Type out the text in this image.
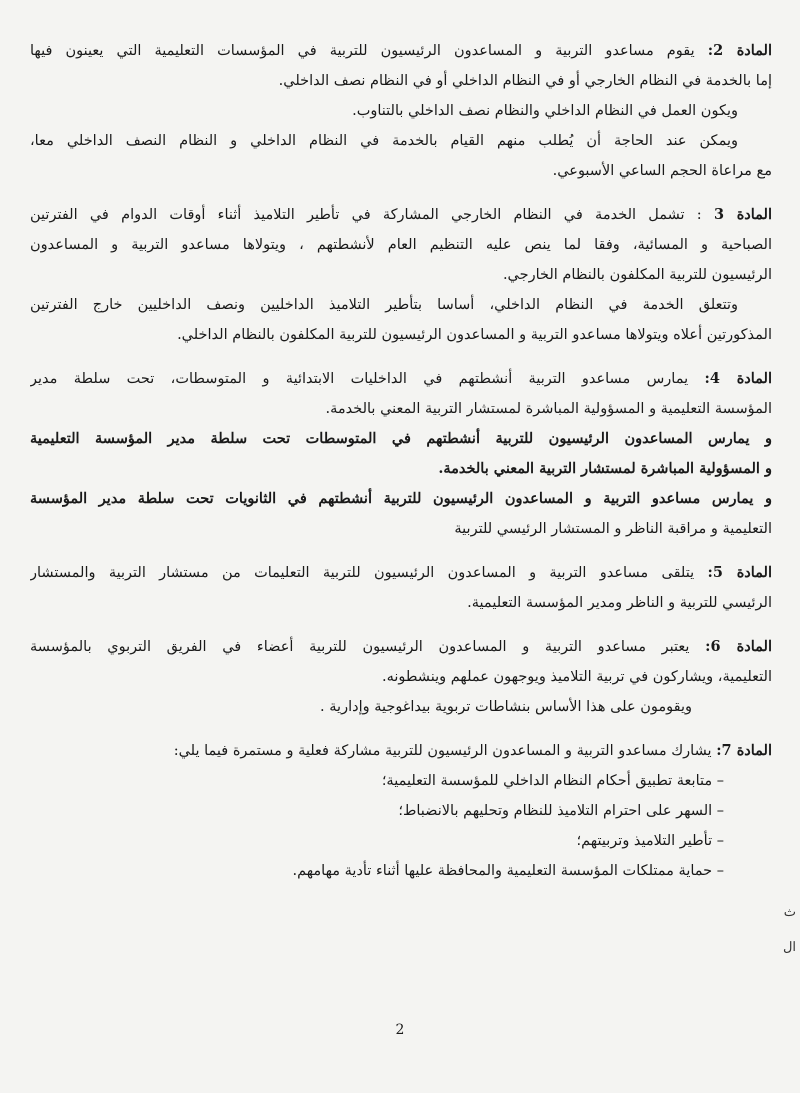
المادة 2: يقوم مساعدو التربية و المساعدون الرئيسيون للتربية في المؤسسات التعليمية التي يعينون فيها
إما بالخدمة في النظام الخارجي أو في النظام الداخلي أو في النظام نصف الداخلي.
ويكون العمل في النظام الداخلي والنظام نصف الداخلي بالتناوب.
ويمكن عند الحاجة أن يُطلب منهم القيام بالخدمة في النظام الداخلي و النظام النصف الداخلي معا،
مع مراعاة الحجم الساعي الأسبوعي.
المادة 3 : تشمل الخدمة في النظام الخارجي المشاركة في تأطير التلاميذ أثناء أوقات الدوام في الفترتين
الصباحية و المسائية، وفقا لما ينص عليه التنظيم العام لأنشطتهم ، ويتولاها مساعدو التربية و المساعدون
الرئيسيون للتربية المكلفون بالنظام الخارجي.
وتتعلق الخدمة في النظام الداخلي، أساسا بتأطير التلاميذ الداخليين ونصف الداخليين خارج الفترتين
المذكورتين أعلاه ويتولاها مساعدو التربية و المساعدون الرئيسيون للتربية المكلفون بالنظام الداخلي.
المادة 4: يمارس مساعدو التربية أنشطتهم في الداخليات الابتدائية و المتوسطات، تحت سلطة مدير
المؤسسة التعليمية و المسؤولية المباشرة لمستشار التربية المعني بالخدمة.
و يمارس المساعدون الرئيسيون للتربية أنشطتهم في المتوسطات تحت سلطة مدير المؤسسة التعليمية
و المسؤولية المباشرة لمستشار التربية المعني بالخدمة.
و يمارس مساعدو التربية و المساعدون الرئيسيون للتربية أنشطتهم في الثانويات تحت سلطة مدير المؤسسة
التعليمية و مراقبة الناظر و المستشار الرئيسي للتربية
المادة 5: يتلقى مساعدو التربية و المساعدون الرئيسيون للتربية التعليمات من مستشار التربية والمستشار
الرئيسي للتربية و الناظر ومدير المؤسسة التعليمية.
المادة 6: يعتبر مساعدو التربية و المساعدون الرئيسيون للتربية أعضاء في الفريق التربوي بالمؤسسة
التعليمية، ويشاركون في تربية التلاميذ ويوجهون عملهم وينشطونه.
ويقومون على هذا الأساس بنشاطات تربوية بيداغوجية وإدارية .
المادة 7: يشارك مساعدو التربية و المساعدون الرئيسيون للتربية مشاركة فعلية و مستمرة فيما يلي:
– متابعة تطبيق أحكام النظام الداخلي للمؤسسة التعليمية؛
– السهر على احترام التلاميذ للنظام وتحليهم بالانضباط؛
– تأطير التلاميذ وتربيتهم؛
– حماية ممتلكات المؤسسة التعليمية والمحافظة عليها أثناء تأدية مهامهم.
ث
ال
2
